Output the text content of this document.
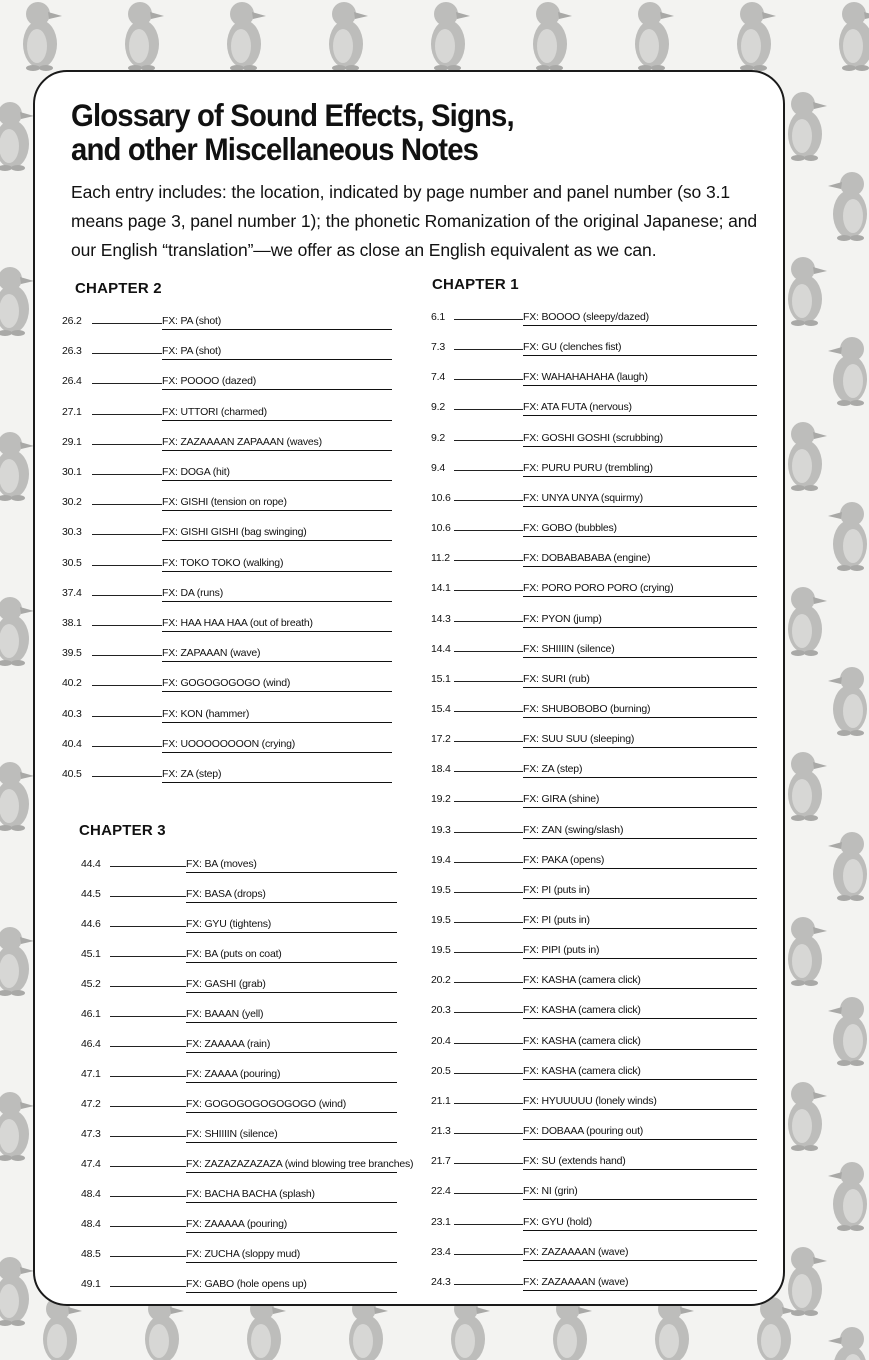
Glossary of Sound Effects, Signs,
and other Miscellaneous Notes

Each entry includes: the location, indicated by page number and panel number (so 3.1 means page 3, panel number 1); the phonetic Romanization of the original Japanese; and our English “translation”—we offer as close an English equivalent as we can.

CHAPTER 2
26.2	FX: PA (shot)
26.3	FX: PA (shot)
26.4	FX: POOOO (dazed)
27.1	FX: UTTORI (charmed)
29.1	FX: ZAZAAAAN ZAPAAAN (waves)
30.1	FX: DOGA (hit)
30.2	FX: GISHI (tension on rope)
30.3	FX: GISHI GISHI (bag swinging)
30.5	FX: TOKO TOKO (walking)
37.4	FX: DA (runs)
38.1	FX: HAA HAA HAA (out of breath)
39.5	FX: ZAPAAAN (wave)
40.2	FX: GOGOGOGOGO (wind)
40.3	FX: KON (hammer)
40.4	FX: UOOOOOOOON (crying)
40.5	FX: ZA (step)
CHAPTER 3
44.4	FX: BA (moves)
44.5	FX: BASA (drops)
44.6	FX: GYU (tightens)
45.1	FX: BA (puts on coat)
45.2	FX: GASHI (grab)
46.1	FX: BAAAN (yell)
46.4	FX: ZAAAAA (rain)
47.1	FX: ZAAAA (pouring)
47.2	FX: GOGOGOGOGOGOGO (wind)
47.3	FX: SHIIIIN (silence)
47.4	FX: ZAZAZAZAZAZA (wind blowing tree branches)
48.4	FX: BACHA BACHA (splash)
48.4	FX: ZAAAAA (pouring)
48.5	FX: ZUCHA (sloppy mud)
49.1	FX: GABO (hole opens up)
CHAPTER 1
6.1	FX: BOOOO (sleepy/dazed)
7.3	FX: GU (clenches fist)
7.4	FX: WAHAHAHAHA (laugh)
9.2	FX: ATA FUTA (nervous)
9.2	FX: GOSHI GOSHI (scrubbing)
9.4	FX: PURU PURU (trembling)
10.6	FX: UNYA UNYA (squirmy)
10.6	FX: GOBO (bubbles)
11.2	FX: DOBABABABA (engine)
14.1	FX: PORO PORO PORO (crying)
14.3	FX: PYON (jump)
14.4	FX: SHIIIIN (silence)
15.1	FX: SURI (rub)
15.4	FX: SHUBOBOBO (burning)
17.2	FX: SUU SUU (sleeping)
18.4	FX: ZA (step)
19.2	FX: GIRA (shine)
19.3	FX: ZAN (swing/slash)
19.4	FX: PAKA (opens)
19.5	FX: PI (puts in)
19.5	FX: PI (puts in)
19.5	FX: PIPI (puts in)
20.2	FX: KASHA (camera click)
20.3	FX: KASHA (camera click)
20.4	FX: KASHA (camera click)
20.5	FX: KASHA (camera click)
21.1	FX: HYUUUUU (lonely winds)
21.3	FX: DOBAAA (pouring out)
21.7	FX: SU (extends hand)
22.4	FX: NI (grin)
23.1	FX: GYU (hold)
23.4	FX: ZAZAAAAN (wave)
24.3	FX: ZAZAAAAN (wave)
